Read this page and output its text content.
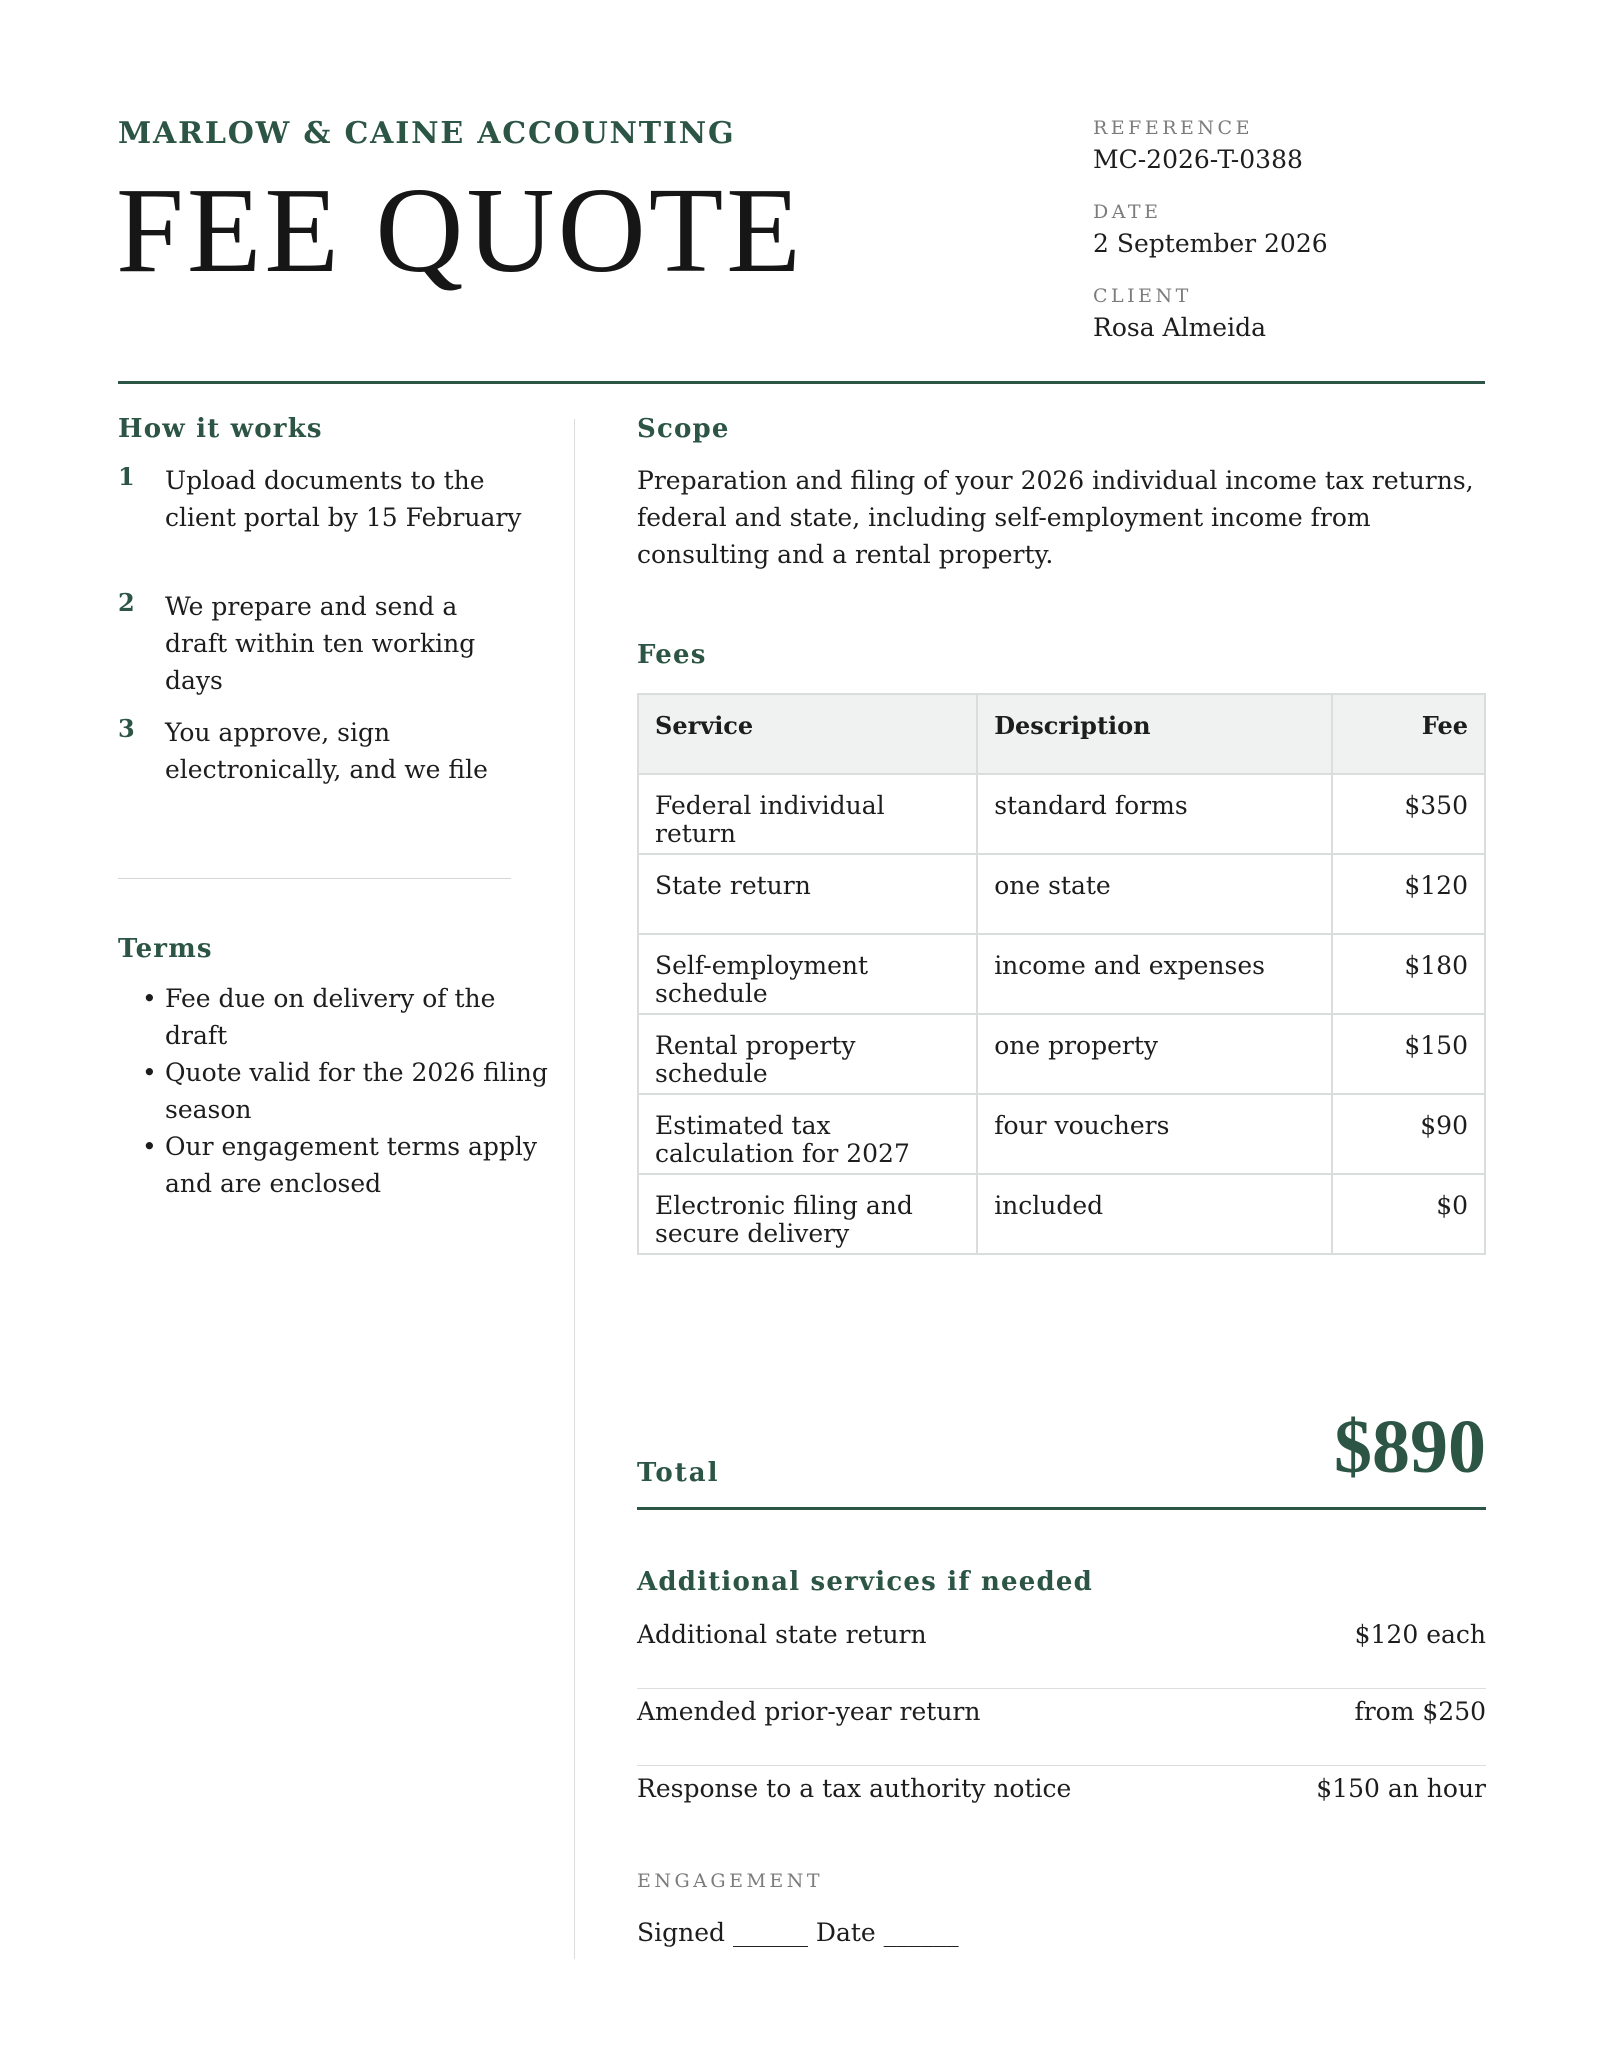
MARLOW & CAINE ACCOUNTING
FEE QUOTE
REFERENCE
MC-2026-T-0388
DATE
2 September 2026
CLIENT
Rosa Almeida
How it works
1 Upload documents to the client portal by 15 February
2 We prepare and send a draft within ten working days
3 You approve, sign electronically, and we file
Terms
• Fee due on delivery of the draft
• Quote valid for the 2026 filing season
• Our engagement terms apply and are enclosed
Scope
Preparation and filing of your 2026 individual income tax returns, federal and state, including self-employment income from consulting and a rental property.
Fees
Service	Description	Fee
Federal individual return	standard forms	$350
State return	one state	$120
Self-employment schedule	income and expenses	$180
Rental property schedule	one property	$150
Estimated tax calculation for 2027	four vouchers	$90
Electronic filing and secure delivery	included	$0
Total	$890
Additional services if needed
Additional state return	$120 each
Amended prior-year return	from $250
Response to a tax authority notice	$150 an hour
ENGAGEMENT
Signed ______ Date ______
